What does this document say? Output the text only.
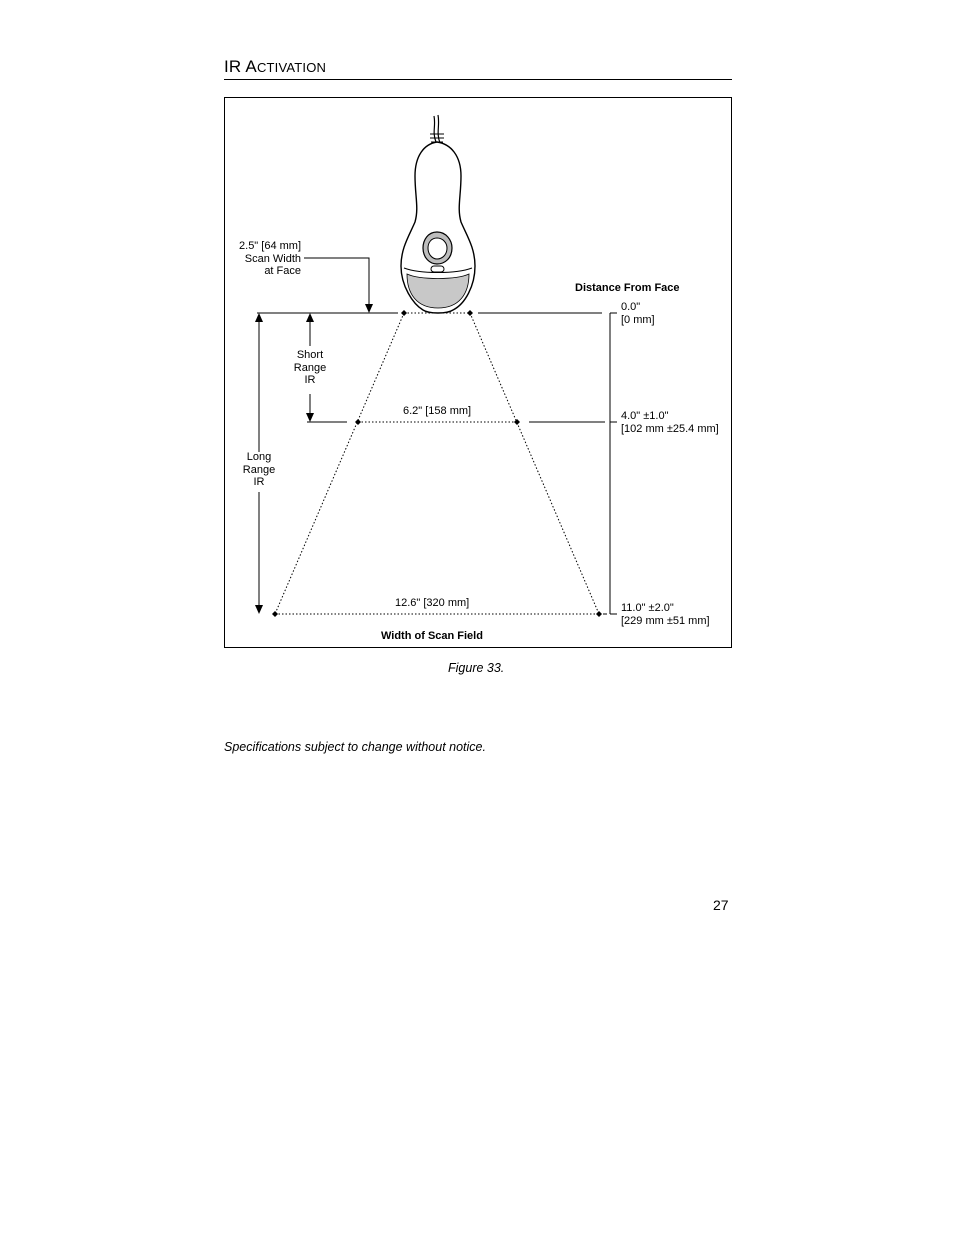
IR ACTIVATION
2.5" [64 mm]
Scan Width
at Face
Distance From Face
0.0"
[0 mm]
4.0" ±1.0"
[102 mm ±25.4 mm]
11.0" ±2.0"
[229 mm ±51 mm]
Short
Range
IR
Long
Range
IR
6.2" [158 mm]
12.6" [320 mm]
Width of Scan Field
Figure 33.
Specifications subject to change without notice.
27
